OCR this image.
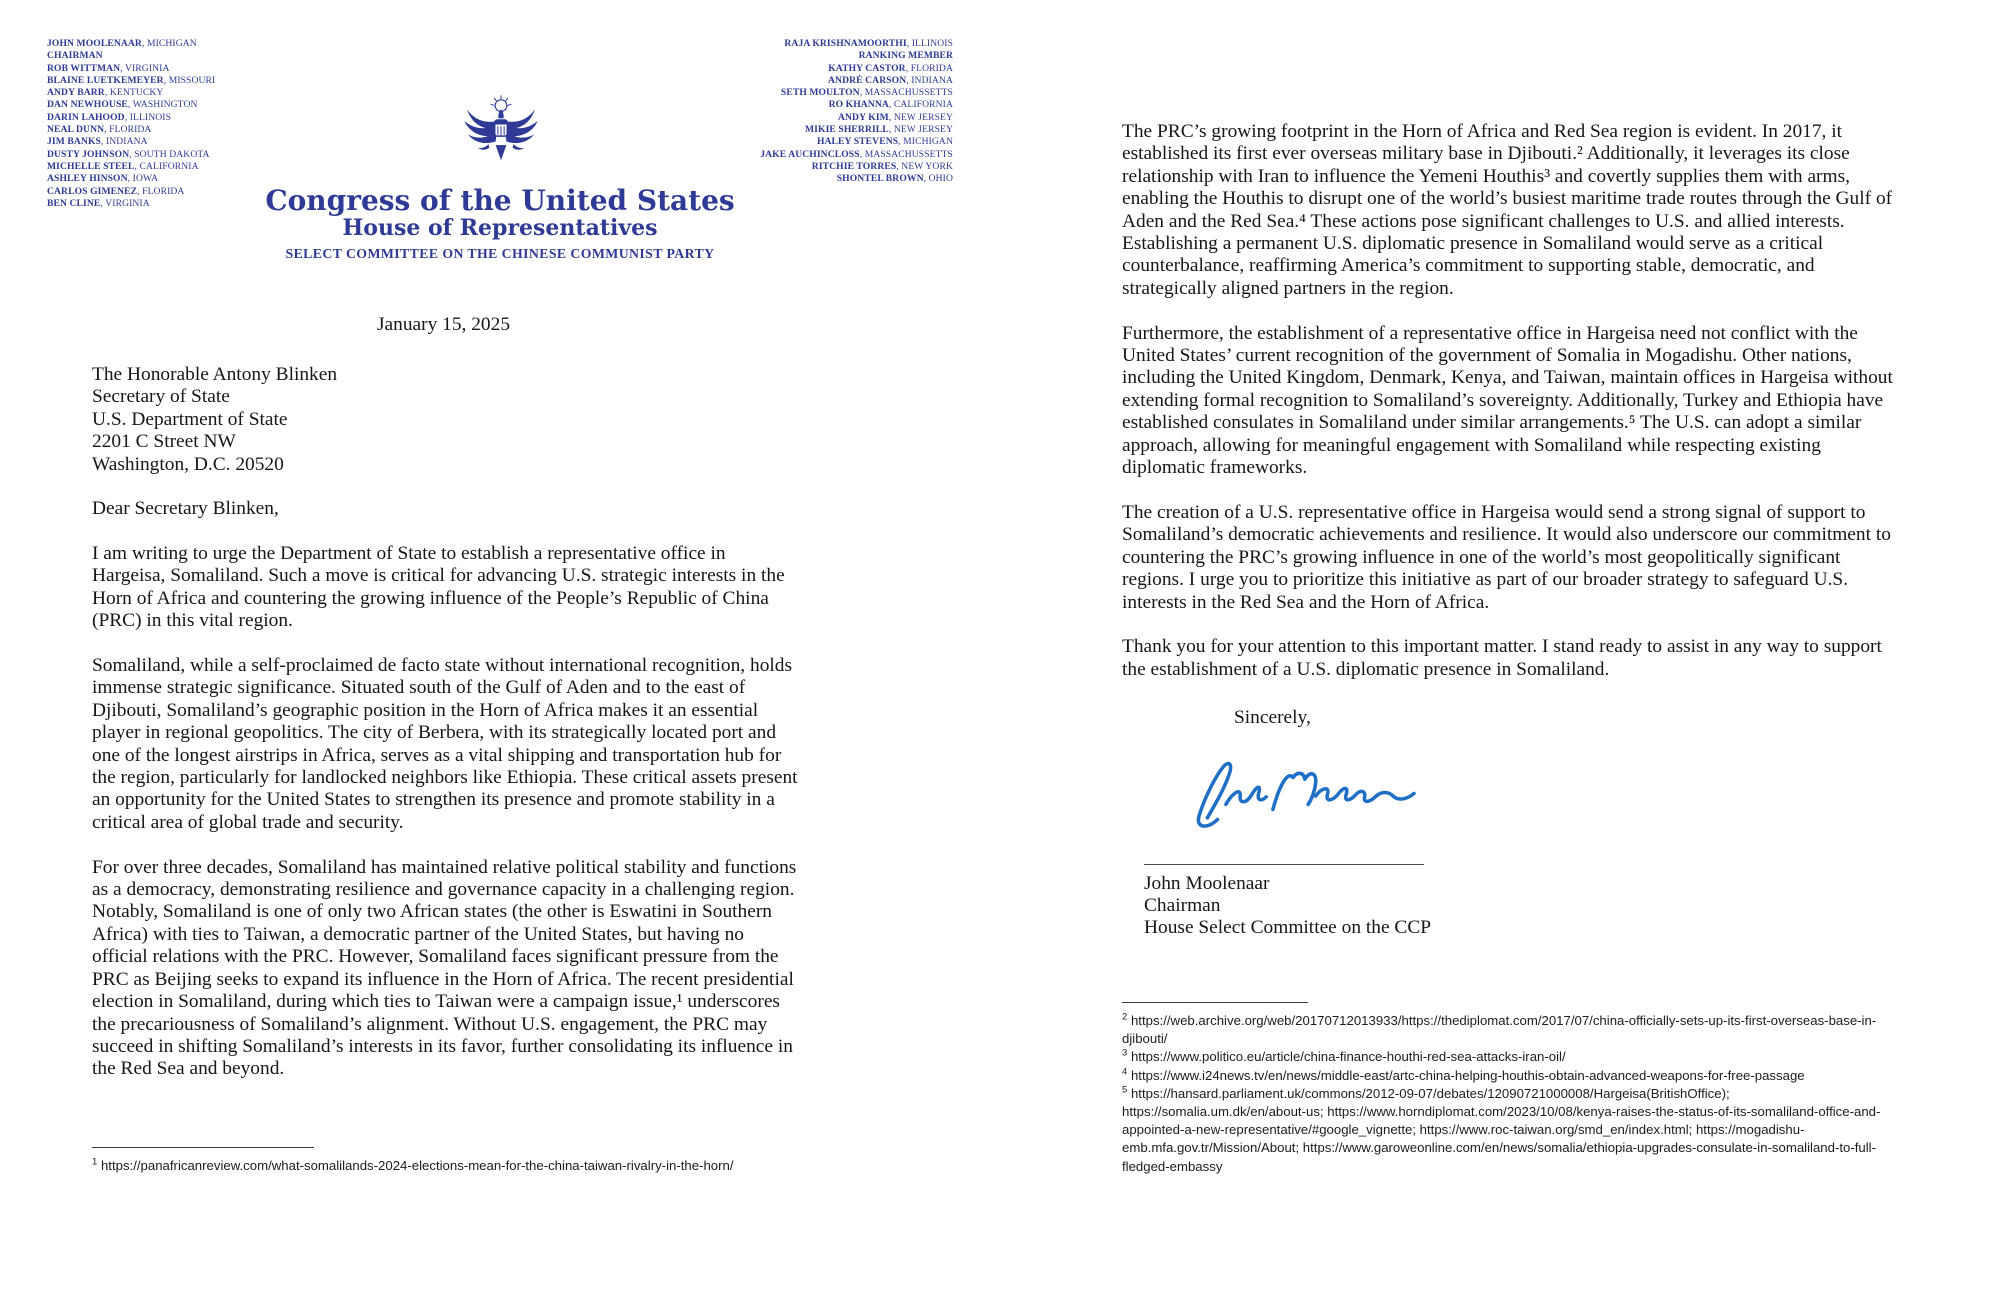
JOHN MOOLENAAR , MICHIGAN
CHAIRMAN
ROB WITTMAN , VIRGINIA
BLAINE LUETKEMEYER , MISSOURI
ANDY BARR , KENTUCKY
DAN NEWHOUSE , WASHINGTON
DARIN LAHOOD , ILLINOIS
NEAL DUNN , FLORIDA
JIM BANKS , INDIANA
DUSTY JOHNSON , SOUTH DAKOTA
MICHELLE STEEL , CALIFORNIA
ASHLEY HINSON , IOWA
CARLOS GIMENEZ , FLORIDA
BEN CLINE , VIRGINIA
RAJA KRISHNAMOORTHI , ILLINOIS
RANKING MEMBER
KATHY CASTOR , FLORIDA
ANDRÉ CARSON , INDIANA
SETH MOULTON , MASSACHUSSETTS
RO KHANNA , CALIFORNIA
ANDY KIM , NEW JERSEY
MIKIE SHERRILL , NEW JERSEY
HALEY STEVENS , MICHIGAN
JAKE AUCHINCLOSS , MASSACHUSSETTS
RITCHIE TORRES , NEW YORK
SHONTEL BROWN , OHIO
Congress of the United States
House of Representatives
SELECT COMMITTEE ON THE CHINESE COMMUNIST PARTY
January 15, 2025
The Honorable Antony Blinken
Secretary of State
U.S. Department of State
2201 C Street NW
Washington, D.C. 20520
Dear Secretary Blinken,

I am writing to urge the Department of State to establish a representative office in Hargeisa, Somaliland. Such a move is critical for advancing U.S. strategic interests in the Horn of Africa and countering the growing influence of the People’s Republic of China (PRC) in this vital region.

Somaliland, while a self-proclaimed de facto state without international recognition, holds immense strategic significance. Situated south of the Gulf of Aden and to the east of Djibouti, Somaliland’s geographic position in the Horn of Africa makes it an essential player in regional geopolitics. The city of Berbera, with its strategically located port and one of the longest airstrips in Africa, serves as a vital shipping and transportation hub for the region, particularly for landlocked neighbors like Ethiopia. These critical assets present an opportunity for the United States to strengthen its presence and promote stability in a critical area of global trade and security.

For over three decades, Somaliland has maintained relative political stability and functions as a democracy, demonstrating resilience and governance capacity in a challenging region. Notably, Somaliland is one of only two African states (the other is Eswatini in Southern Africa) with ties to Taiwan, a democratic partner of the United States, but having no official relations with the PRC. However, Somaliland faces significant pressure from the PRC as Beijing seeks to expand its influence in the Horn of Africa. The recent presidential election in Somaliland, during which ties to Taiwan were a campaign issue,¹ underscores the precariousness of Somaliland’s alignment. Without U.S. engagement, the PRC may succeed in shifting Somaliland’s interests in its favor, further consolidating its influence in the Red Sea and beyond.

$^1$ https://panafricanreview.com/what-somalilands-2024-elections-mean-for-the-china-taiwan-rivalry-in-the-horn/

The PRC’s growing footprint in the Horn of Africa and Red Sea region is evident. In 2017, it established its first ever overseas military base in Djibouti.² Additionally, it leverages its close relationship with Iran to influence the Yemeni Houthis³ and covertly supplies them with arms, enabling the Houthis to disrupt one of the world’s busiest maritime trade routes through the Gulf of Aden and the Red Sea.⁴ These actions pose significant challenges to U.S. and allied interests. Establishing a permanent U.S. diplomatic presence in Somaliland would serve as a critical counterbalance, reaffirming America’s commitment to supporting stable, democratic, and strategically aligned partners in the region.

Furthermore, the establishment of a representative office in Hargeisa need not conflict with the United States’ current recognition of the government of Somalia in Mogadishu. Other nations, including the United Kingdom, Denmark, Kenya, and Taiwan, maintain offices in Hargeisa without extending formal recognition to Somaliland’s sovereignty. Additionally, Turkey and Ethiopia have established consulates in Somaliland under similar arrangements.⁵ The U.S. can adopt a similar approach, allowing for meaningful engagement with Somaliland while respecting existing diplomatic frameworks.

The creation of a U.S. representative office in Hargeisa would send a strong signal of support to Somaliland’s democratic achievements and resilience. It would also underscore our commitment to countering the PRC’s growing influence in one of the world’s most geopolitically significant regions. I urge you to prioritize this initiative as part of our broader strategy to safeguard U.S. interests in the Red Sea and the Horn of Africa.

Thank you for your attention to this important matter. I stand ready to assist in any way to support the establishment of a U.S. diplomatic presence in Somaliland.

Sincerely,
John Moolenaar
Chairman
House Select Committee on the CCP
$^2$ https://web.archive.org/web/20170712013933/https://thediplomat.com/2017/07/china-officially-sets-up-its-first-overseas-base-in-djibouti/
$^3$ https://www.politico.eu/article/china-finance-houthi-red-sea-attacks-iran-oil/
$^4$ https://www.i24news.tv/en/news/middle-east/artc-china-helping-houthis-obtain-advanced-weapons-for-free-passage
$^5$ https://hansard.parliament.uk/commons/2012-09-07/debates/12090721000008/Hargeisa(BritishOffice); https://somalia.um.dk/en/about-us; https://www.horndiplomat.com/2023/10/08/kenya-raises-the-status-of-its-somaliland-office-and-appointed-a-new-representative/#google_vignette; https://www.roc-taiwan.org/smd_en/index.html; https://mogadishu-emb.mfa.gov.tr/Mission/About; https://www.garoweonline.com/en/news/somalia/ethiopia-upgrades-consulate-in-somaliland-to-full-fledged-embassy
